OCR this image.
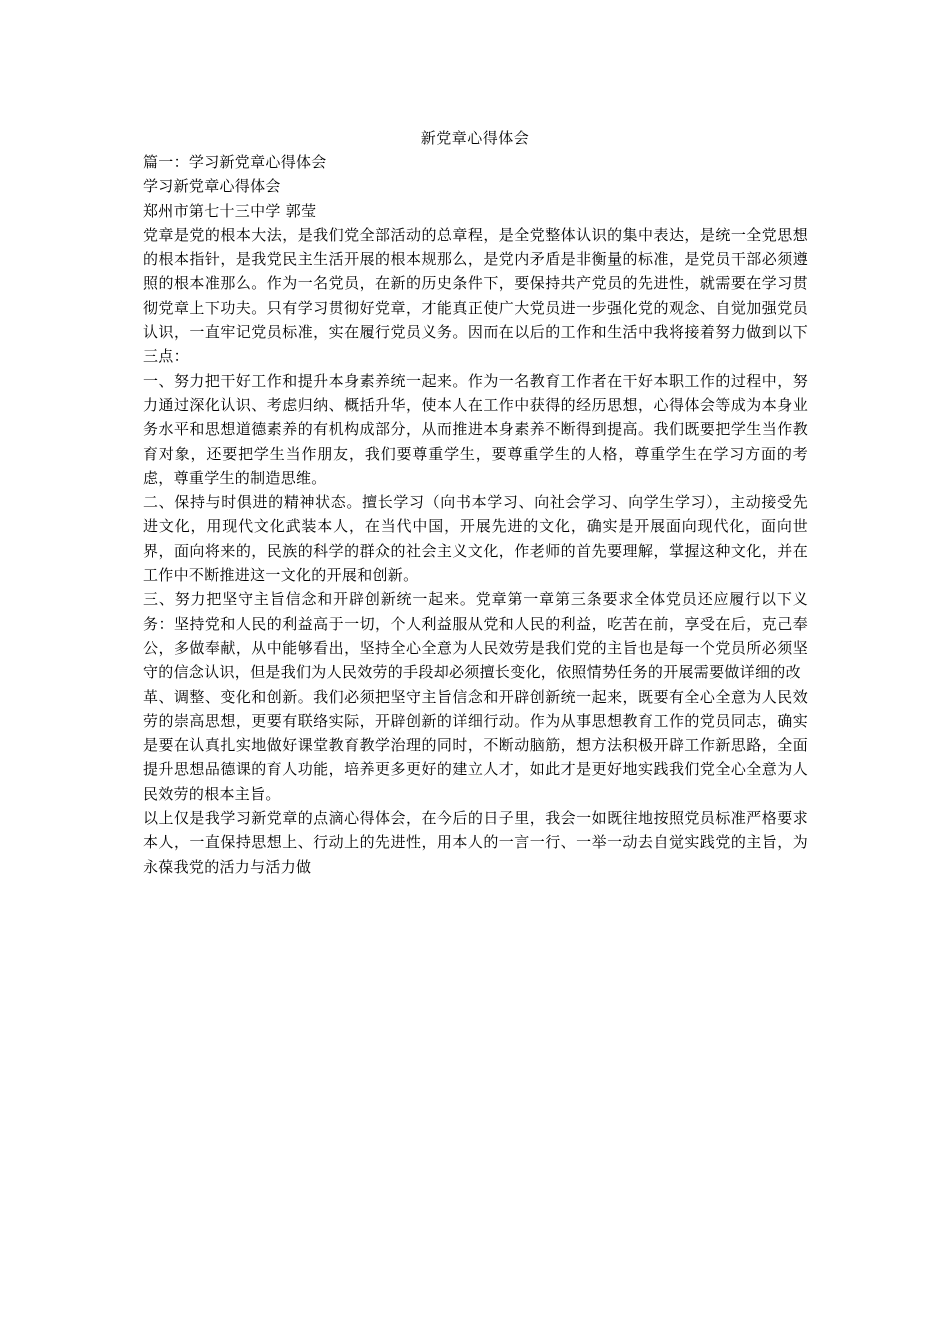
新党章心得体会

篇一：学习新党章心得体会

学习新党章心得体会

郑州市第七十三中学 郭莹

党章是党的根本大法，是我们党全部活动的总章程，是全党整体认识的集中表达，是统一全党思想的根本指针，是我党民主生活开展的根本规那么，是党内矛盾是非衡量的标准，是党员干部必须遵照的根本准那么。作为一名党员，在新的历史条件下，要保持共产党员的先进性，就需要在学习贯彻党章上下功夫。只有学习贯彻好党章，才能真正使广大党员进一步强化党的观念、自觉加强党员认识，一直牢记党员标准，实在履行党员义务。因而在以后的工作和生活中我将接着努力做到以下三点：

一、努力把干好工作和提升本身素养统一起来。作为一名教育工作者在干好本职工作的过程中，努力通过深化认识、考虑归纳、概括升华，使本人在工作中获得的经历思想，心得体会等成为本身业务水平和思想道德素养的有机构成部分，从而推进本身素养不断得到提高。我们既要把学生当作教育对象，还要把学生当作朋友，我们要尊重学生，要尊重学生的人格，尊重学生在学习方面的考虑，尊重学生的制造思维。

二、保持与时俱进的精神状态。擅长学习（向书本学习、向社会学习、向学生学习），主动接受先进文化，用现代文化武装本人，在当代中国，开展先进的文化，确实是开展面向现代化，面向世界，面向将来的，民族的科学的群众的社会主义文化，作老师的首先要理解，掌握这种文化，并在工作中不断推进这一文化的开展和创新。

三、努力把坚守主旨信念和开辟创新统一起来。党章第一章第三条要求全体党员还应履行以下义务：坚持党和人民的利益高于一切，个人利益服从党和人民的利益，吃苦在前，享受在后，克己奉公，多做奉献，从中能够看出，坚持全心全意为人民效劳是我们党的主旨也是每一个党员所必须坚守的信念认识，但是我们为人民效劳的手段却必须擅长变化，依照情势任务的开展需要做详细的改

革、调整、变化和创新。我们必须把坚守主旨信念和开辟创新统一起来，既要有全心全意为人民效劳的崇高思想，更要有联络实际，开辟创新的详细行动。作为从事思想教育工作的党员同志，确实是要在认真扎实地做好课堂教育教学治理的同时，不断动脑筋，想方法积极开辟工作新思路，全面提升思想品德课的育人功能，培养更多更好的建立人才，如此才是更好地实践我们党全心全意为人民效劳的根本主旨。

以上仅是我学习新党章的点滴心得体会，在今后的日子里，我会一如既往地按照党员标准严格要求本人，一直保持思想上、行动上的先进性，用本人的一言一行、一举一动去自觉实践党的主旨，为永葆我党的活力与活力做
